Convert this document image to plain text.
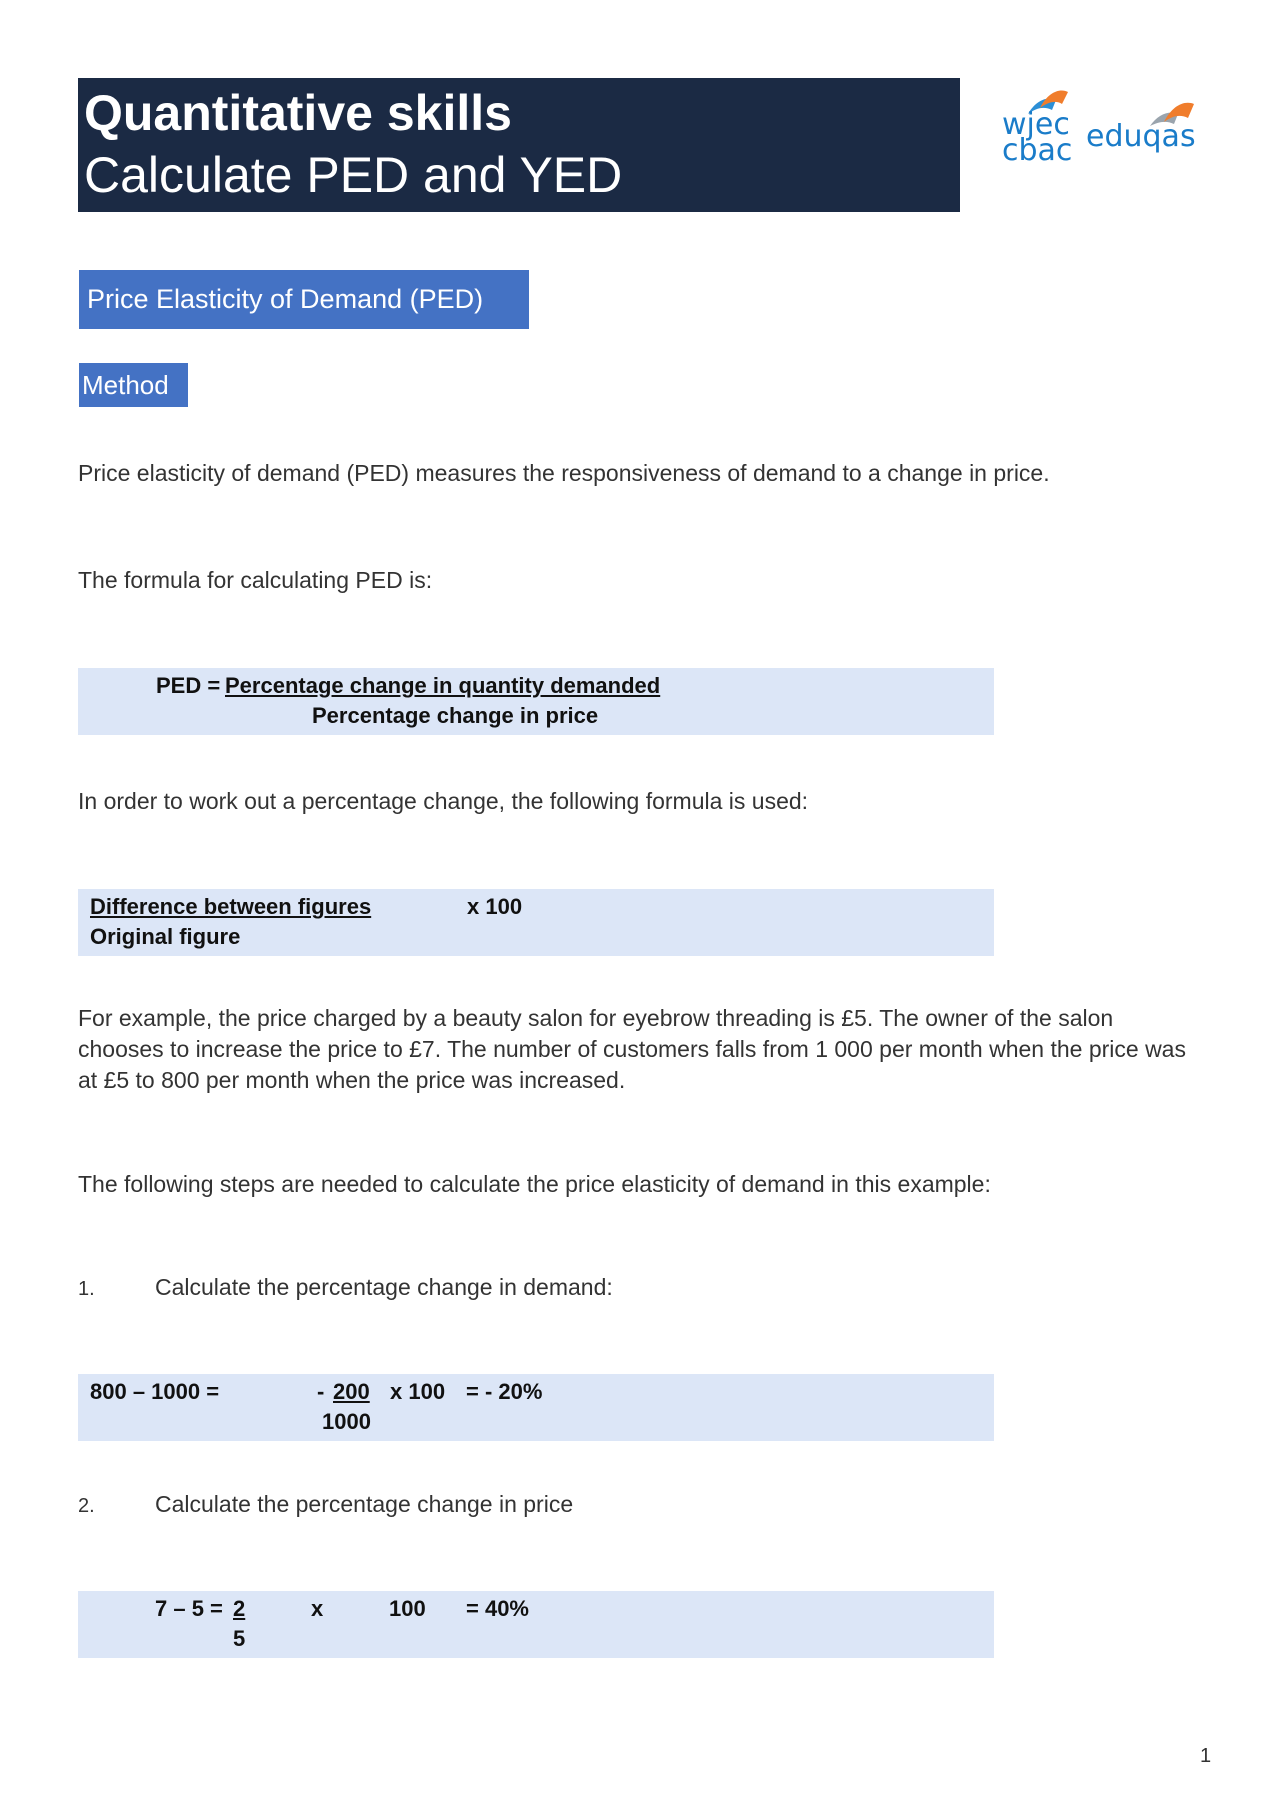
Quantitative skills
Calculate PED and YED
wjec
cbac eduqas
Price Elasticity of Demand (PED)
Method
Price elasticity of demand (PED) measures the responsiveness of demand to a change in price.
The formula for calculating PED is:
PED = Percentage change in quantity demanded
Percentage change in price
In order to work out a percentage change, the following formula is used:
Difference between figures
Original figure
x 100
For example, the price charged by a beauty salon for eyebrow threading is £5. The owner of the salon chooses to increase the price to £7. The number of customers falls from 1 000 per month when the price was at £5 to 800 per month when the price was increased.
The following steps are needed to calculate the price elasticity of demand in this example:
1.	Calculate the percentage change in demand:
800 – 1000 =	- 200 x 100 = - 20%
1000
2.	Calculate the percentage change in price
7 – 5 = 2	x	100 = 40%
5
1
